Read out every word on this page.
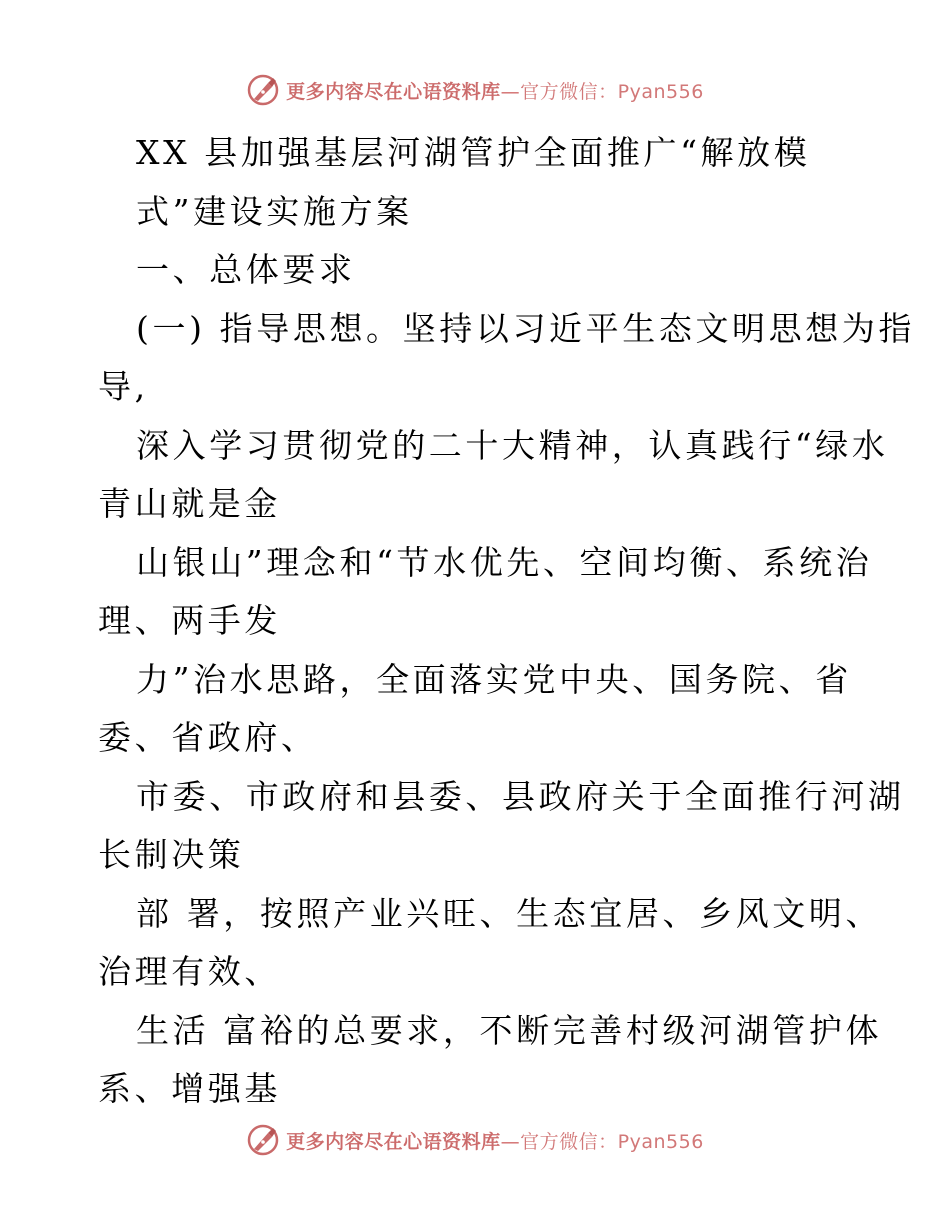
更多内容尽在心语资料库—官方微信：Pyan556
XX 县加强基层河湖管护全面推广“解放模
式”建设实施方案
一、总体要求
(一) 指导思想。坚持以习近平生态文明思想为指
导,
深入学习贯彻党的二十大精神，认真践行“绿水
青山就是金
山银山”理念和“节水优先、空间均衡、系统治
理、两手发
力”治水思路，全面落实党中央、国务院、省
委、省政府、
市委、市政府和县委、县政府关于全面推行河湖
长制决策
部 署，按照产业兴旺、生态宜居、乡风文明、
治理有效、
生活 富裕的总要求，不断完善村级河湖管护体
系、增强基
更多内容尽在心语资料库—官方微信：Pyan556
